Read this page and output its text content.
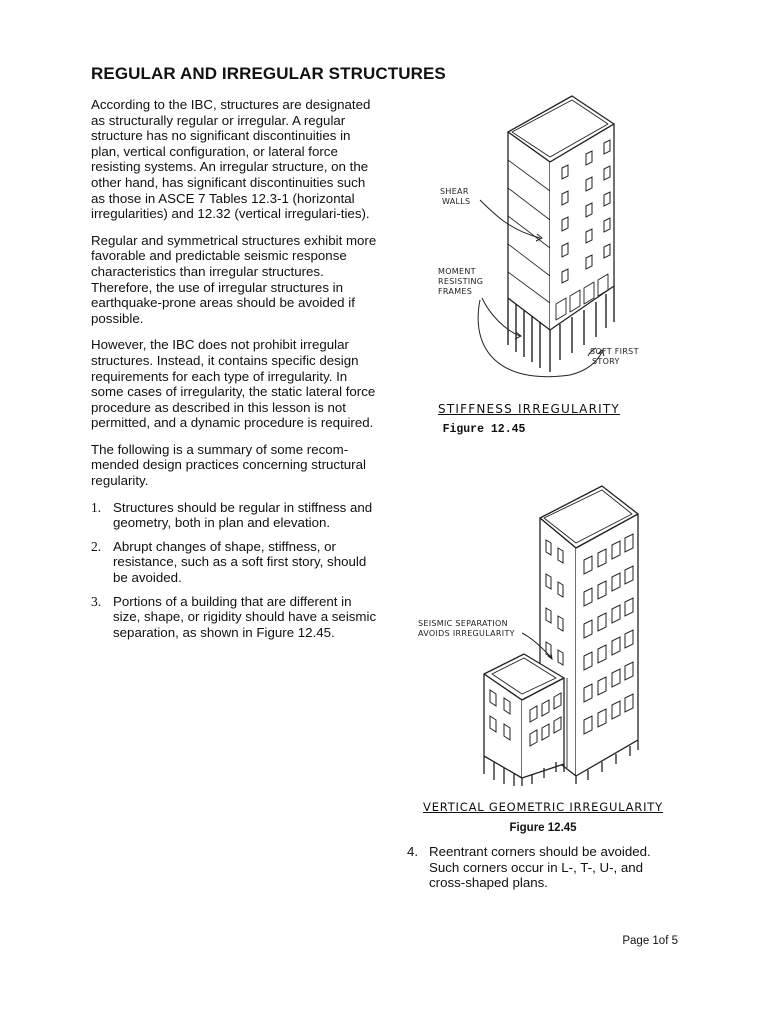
REGULAR AND IRREGULAR STRUCTURES

According to the IBC, structures are designated as structurally regular or irregular. A regular structure has no significant discontinuities in plan, vertical configuration, or lateral force resisting systems. An irregular structure, on the other hand, has significant discontinuities such as those in ASCE 7 Tables 12.3-1 (horizontal irregularities) and 12.32 (vertical irregulari-ties).

Regular and symmetrical structures exhibit more favorable and predictable seismic response characteristics than irregular structures. Therefore, the use of irregular structures in earthquake-prone areas should be avoided if possible.

However, the IBC does not prohibit irregular structures. Instead, it contains specific design requirements for each type of irregularity. In some cases of irregularity, the static lateral force procedure as described in this lesson is not permitted, and a dynamic procedure is required.

The following is a summary of some recom-mended design practices concerning structural regularity.

1. Structures should be regular in stiffness and geometry, both in plan and elevation.
2. Abrupt changes of shape, stiffness, or resistance, such as a soft first story, should be avoided.
3. Portions of a building that are different in size, shape, or rigidity should have a seismic separation, as shown in Figure 12.45.
SHEAR
WALLS
MOMENT
RESISTING
FRAMES
SOFT FIRST
STORY
STIFFNESS IRREGULARITY
Figure 12.45
SEISMIC SEPARATION
AVOIDS IRREGULARITY
VERTICAL GEOMETRIC IRREGULARITY
Figure 12.45
4. Reentrant corners should be avoided. Such corners occur in L-, T-, U-, and cross-shaped plans.
Page 1of 5
